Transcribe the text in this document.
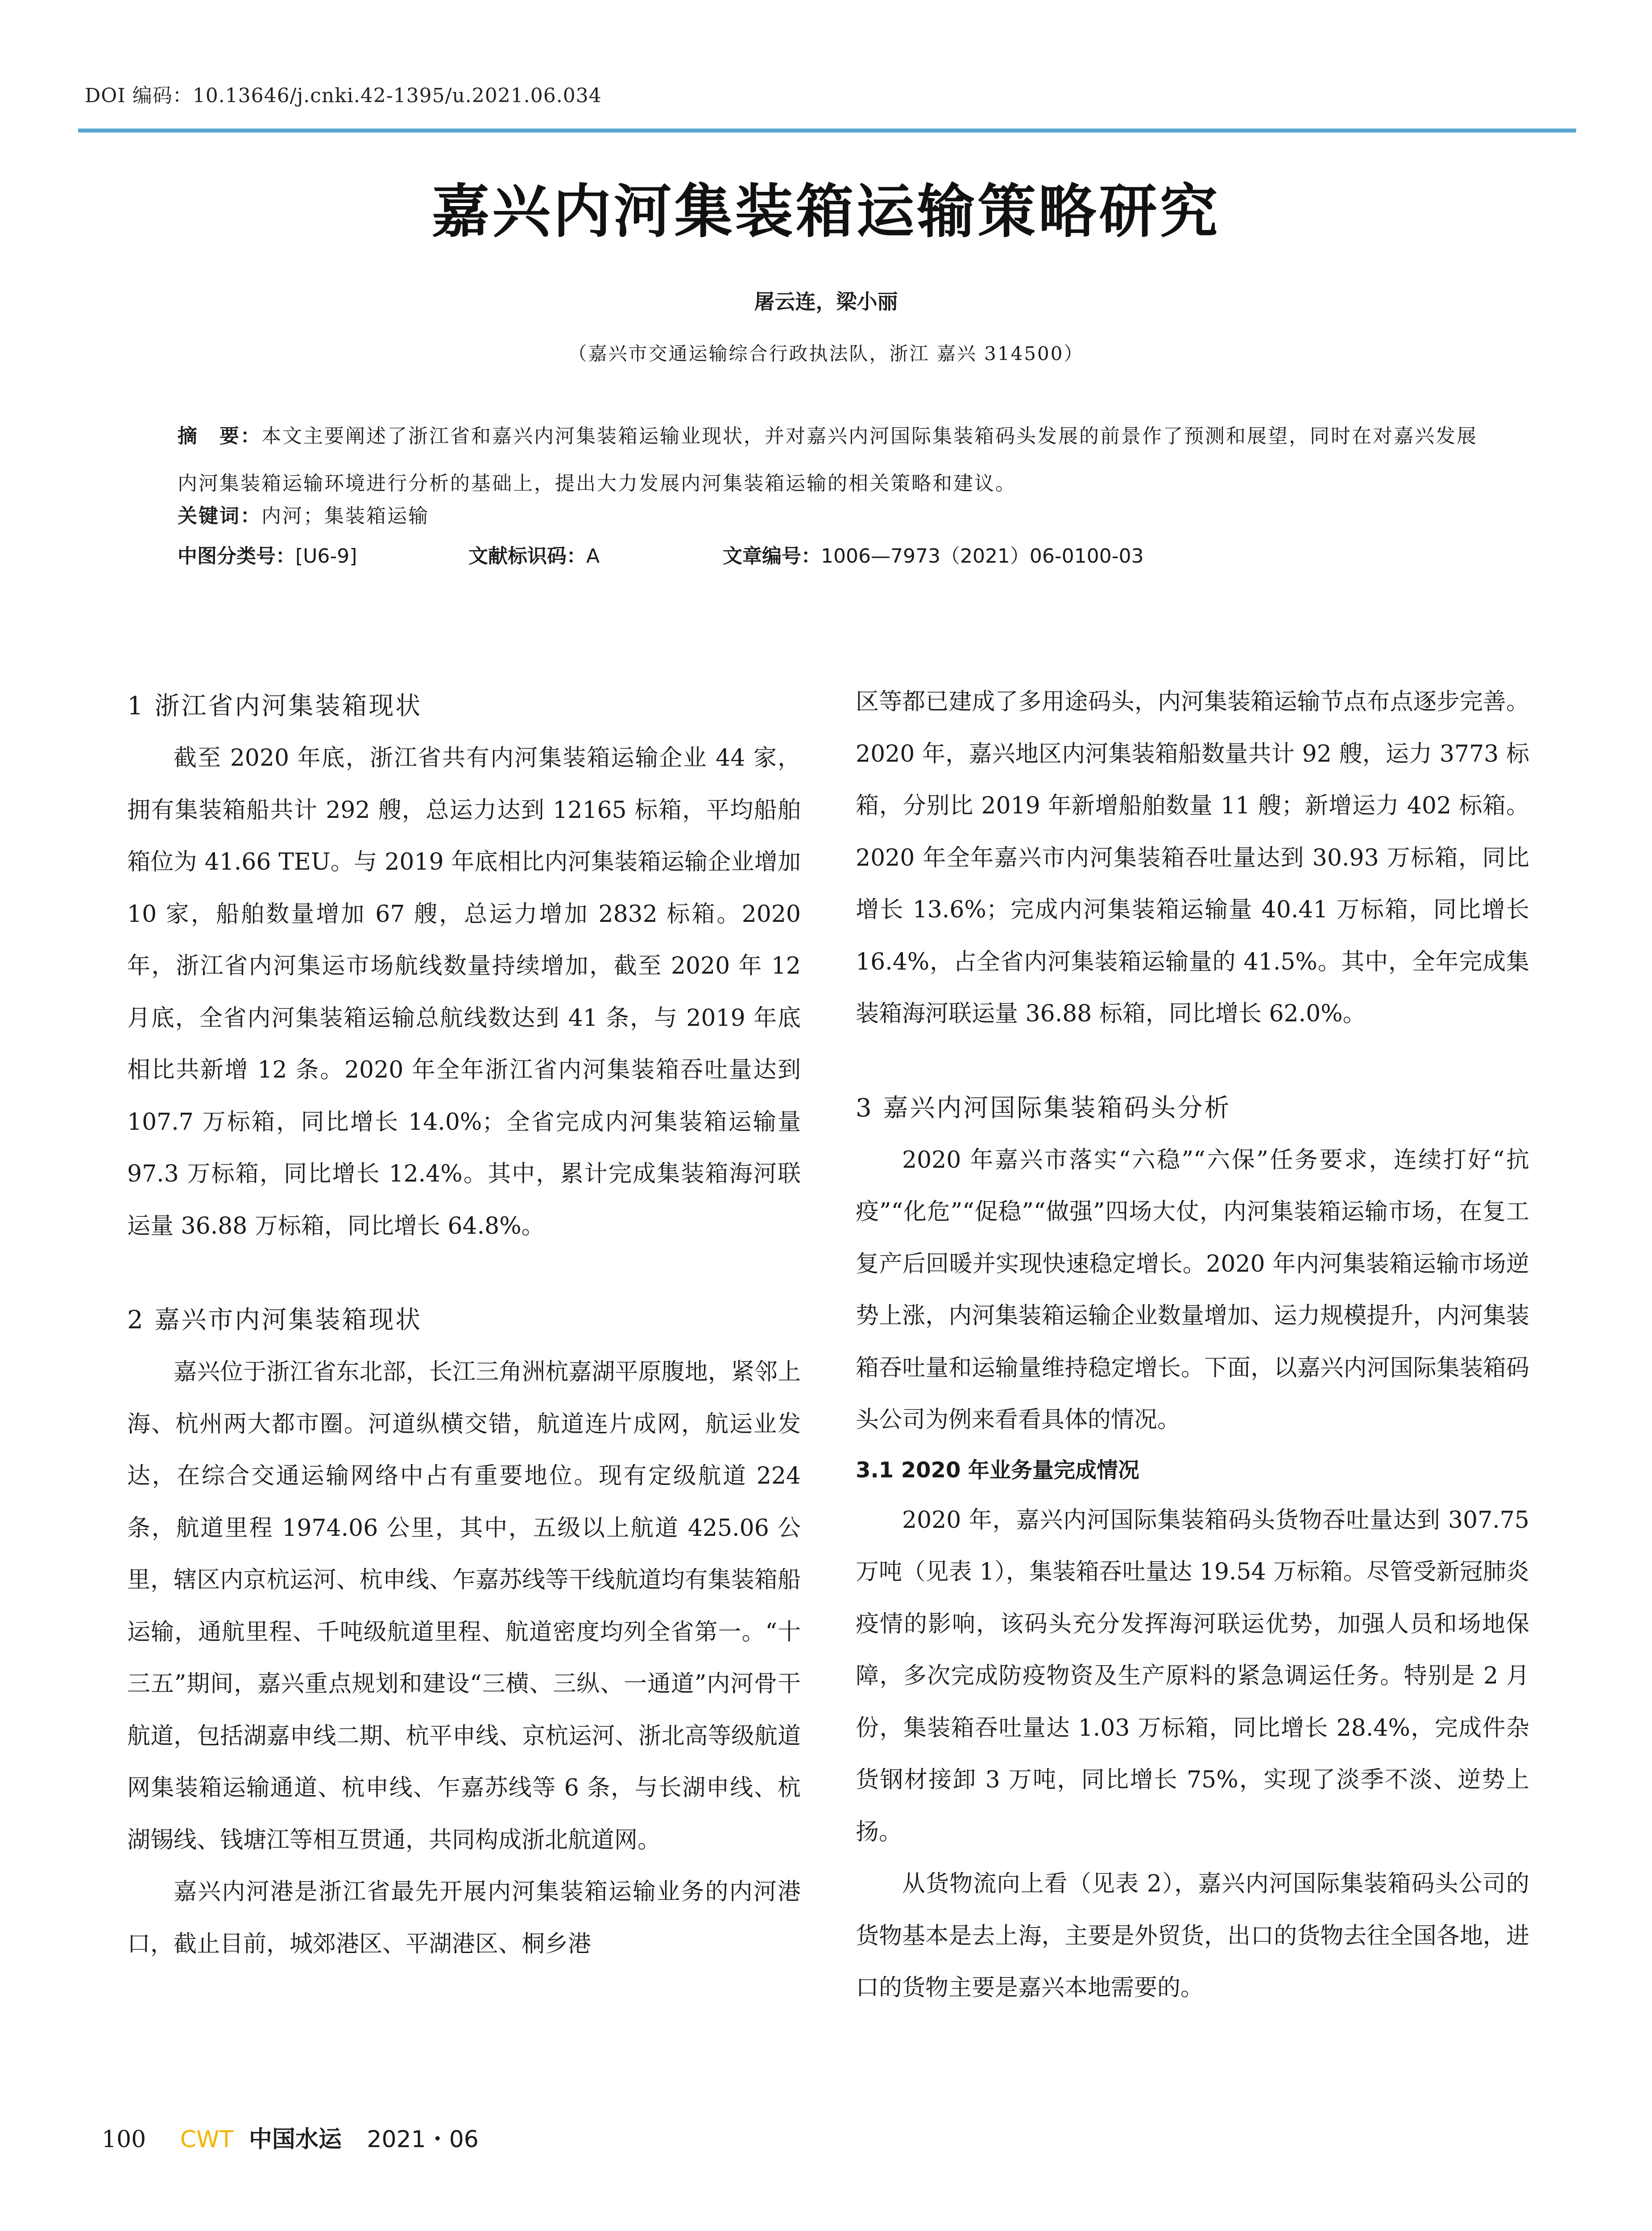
DOI 编码：10.13646/j.cnki.42-1395/u.2021.06.034
嘉兴内河集装箱运输策略研究
屠云连，梁小丽
（嘉兴市交通运输综合行政执法队，浙江 嘉兴 314500）
摘　要：本文主要阐述了浙江省和嘉兴内河集装箱运输业现状，并对嘉兴内河国际集装箱码头发展的前景作了预测和展望，同时在对嘉兴发展内河集装箱运输环境进行分析的基础上，提出大力发展内河集装箱运输的相关策略和建议。
关键词：内河；集装箱运输
中图分类号：[U6-9]	文献标识码：A	文章编号：1006—7973（2021）06-0100-03
1 浙江省内河集装箱现状

截至 2020 年底，浙江省共有内河集装箱运输企业 44 家，拥有集装箱船共计 292 艘，总运力达到 12165 标箱，平均船舶箱位为 41.66 TEU。与 2019 年底相比内河集装箱运输企业增加 10 家，船舶数量增加 67 艘，总运力增加 2832 标箱。2020 年，浙江省内河集运市场航线数量持续增加，截至 2020 年 12 月底，全省内河集装箱运输总航线数达到 41 条，与 2019 年底相比共新增 12 条。2020 年全年浙江省内河集装箱吞吐量达到 107.7 万标箱，同比增长 14.0%；全省完成内河集装箱运输量 97.3 万标箱，同比增长 12.4%。其中，累计完成集装箱海河联运量 36.88 万标箱，同比增长 64.8%。

2 嘉兴市内河集装箱现状

嘉兴位于浙江省东北部，长江三角洲杭嘉湖平原腹地，紧邻上海、杭州两大都市圈。河道纵横交错，航道连片成网，航运业发达，在综合交通运输网络中占有重要地位。现有定级航道 224 条，航道里程 1974.06 公里，其中，五级以上航道 425.06 公里，辖区内京杭运河、杭申线、乍嘉苏线等干线航道均有集装箱船运输，通航里程、千吨级航道里程、航道密度均列全省第一。“十三五”期间，嘉兴重点规划和建设“三横、三纵、一通道”内河骨干航道，包括湖嘉申线二期、杭平申线、京杭运河、浙北高等级航道网集装箱运输通道、杭申线、乍嘉苏线等 6 条，与长湖申线、杭湖锡线、钱塘江等相互贯通，共同构成浙北航道网。

嘉兴内河港是浙江省最先开展内河集装箱运输业务的内河港口，截止目前，城郊港区、平湖港区、桐乡港

区等都已建成了多用途码头，内河集装箱运输节点布点逐步完善。2020 年，嘉兴地区内河集装箱船数量共计 92 艘，运力 3773 标箱，分别比 2019 年新增船舶数量 11 艘；新增运力 402 标箱。2020 年全年嘉兴市内河集装箱吞吐量达到 30.93 万标箱，同比增长 13.6%；完成内河集装箱运输量 40.41 万标箱，同比增长 16.4%，占全省内河集装箱运输量的 41.5%。其中，全年完成集装箱海河联运量 36.88 标箱，同比增长 62.0%。

3 嘉兴内河国际集装箱码头分析

2020 年嘉兴市落实“六稳”“六保”任务要求，连续打好“抗疫”“化危”“促稳”“做强”四场大仗，内河集装箱运输市场，在复工复产后回暖并实现快速稳定增长。2020 年内河集装箱运输市场逆势上涨，内河集装箱运输企业数量增加、运力规模提升，内河集装箱吞吐量和运输量维持稳定增长。下面，以嘉兴内河国际集装箱码头公司为例来看看具体的情况。

3.1 2020 年业务量完成情况

2020 年，嘉兴内河国际集装箱码头货物吞吐量达到 307.75 万吨（见表 1），集装箱吞吐量达 19.54 万标箱。尽管受新冠肺炎疫情的影响，该码头充分发挥海河联运优势，加强人员和场地保障，多次完成防疫物资及生产原料的紧急调运任务。特别是 2 月份，集装箱吞吐量达 1.03 万标箱，同比增长 28.4%，完成件杂货钢材接卸 3 万吨，同比增长 75%，实现了淡季不淡、逆势上扬。

从货物流向上看（见表 2），嘉兴内河国际集装箱码头公司的货物基本是去上海，主要是外贸货，出口的货物去往全国各地，进口的货物主要是嘉兴本地需要的。

100 CWT 中国水运 2021・06
